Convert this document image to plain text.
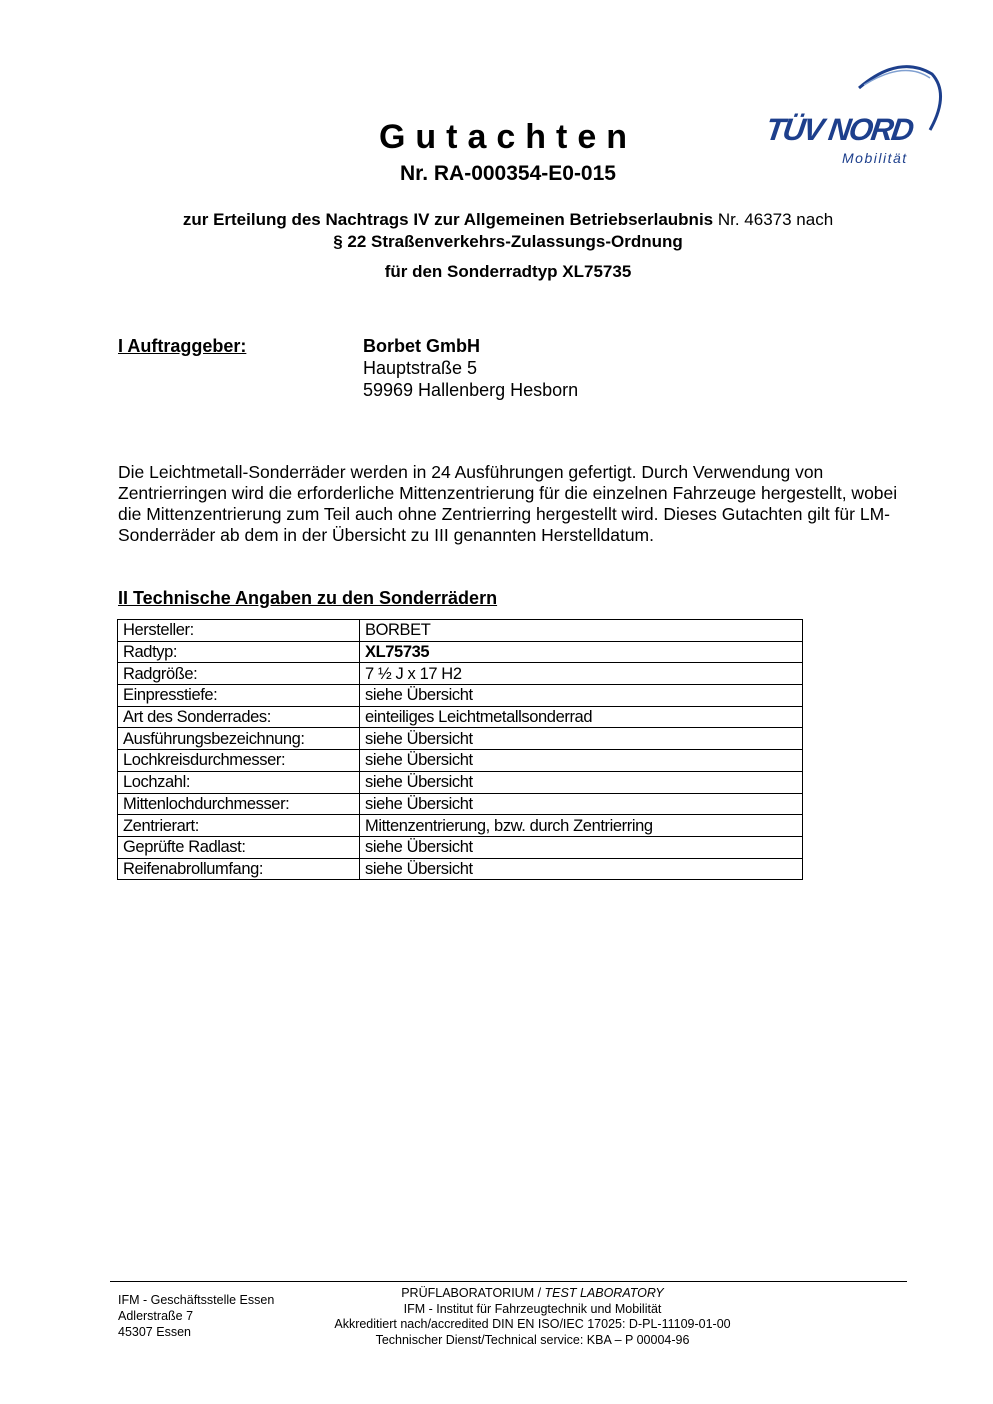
Gutachten
Nr. RA-000354-E0-015
TÜV NORD
Mobilität
zur Erteilung des Nachtrags IV zur Allgemeinen Betriebserlaubnis Nr. 46373 nach
§ 22 Straßenverkehrs-Zulassungs-Ordnung
für den Sonderradtyp XL75735
I Auftraggeber:	Borbet GmbH
Hauptstraße 5
59969 Hallenberg Hesborn
Die Leichtmetall-Sonderräder werden in 24 Ausführungen gefertigt. Durch Verwendung von Zentrierringen wird die erforderliche Mittenzentrierung für die einzelnen Fahrzeuge hergestellt, wobei die Mittenzentrierung zum Teil auch ohne Zentrierring hergestellt wird. Dieses Gutachten gilt für LM-Sonderräder ab dem in der Übersicht zu III genannten Herstelldatum.
II Technische Angaben zu den Sonderrädern
Hersteller:	BORBET
Radtyp:	XL75735
Radgröße:	7 ½ J x 17 H2
Einpresstiefe:	siehe Übersicht
Art des Sonderrades:	einteiliges Leichtmetallsonderrad
Ausführungsbezeichnung:	siehe Übersicht
Lochkreisdurchmesser:	siehe Übersicht
Lochzahl:	siehe Übersicht
Mittenlochdurchmesser:	siehe Übersicht
Zentrierart:	Mittenzentrierung, bzw. durch Zentrierring
Geprüfte Radlast:	siehe Übersicht
Reifenabrollumfang:	siehe Übersicht
IFM - Geschäftsstelle Essen
Adlerstraße 7
45307 Essen
PRÜFLABORATORIUM / TEST LABORATORY
IFM - Institut für Fahrzeugtechnik und Mobilität
Akkreditiert nach/accredited DIN EN ISO/IEC 17025: D-PL-11109-01-00
Technischer Dienst/Technical service: KBA – P 00004-96
